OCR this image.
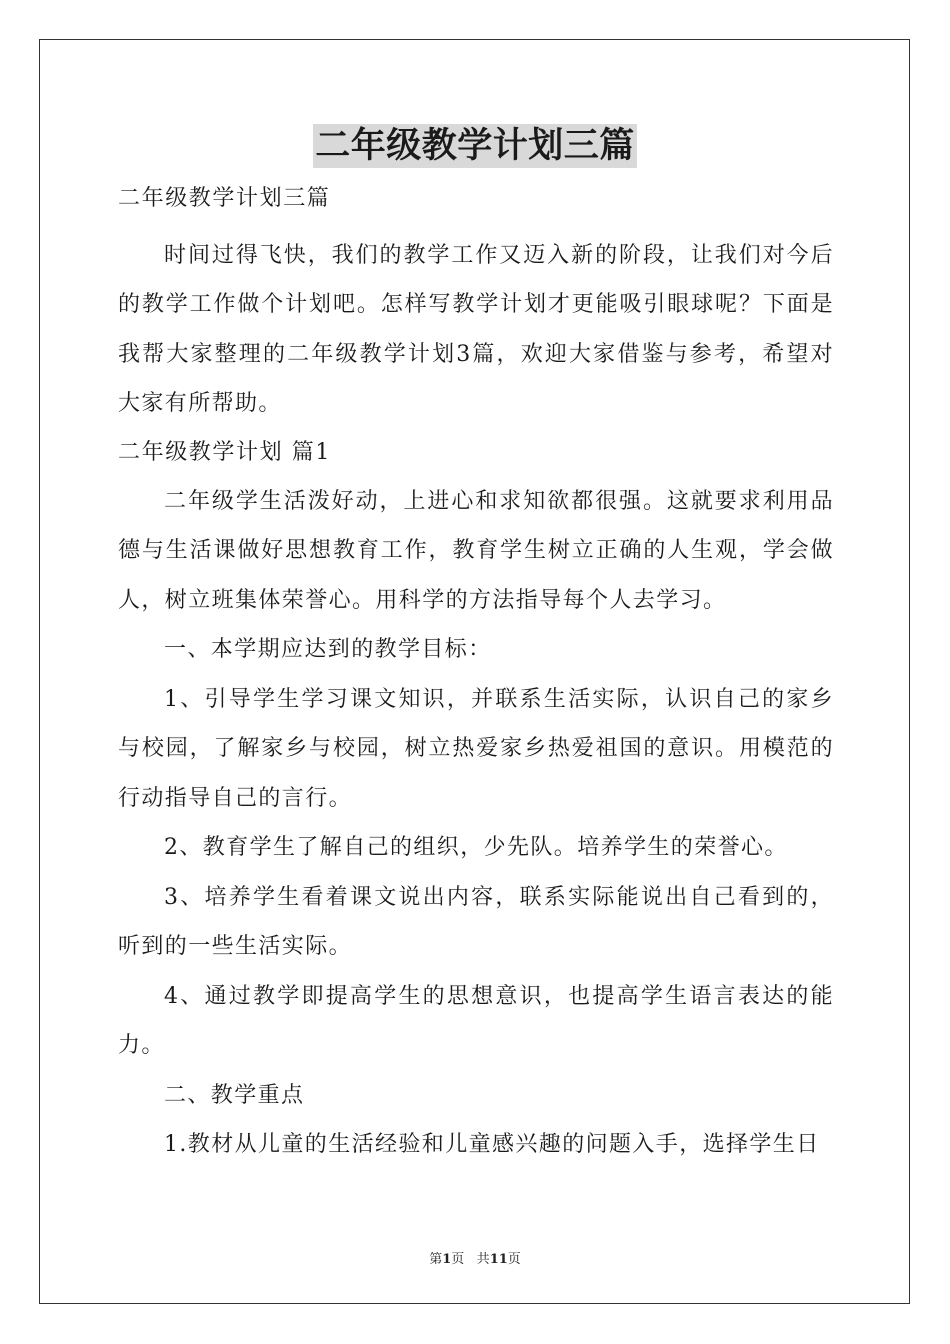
二年级教学计划三篇
二年级教学计划三篇
时间过得飞快，我们的教学工作又迈入新的阶段，让我们对今后的教学工作做个计划吧。怎样写教学计划才更能吸引眼球呢？下面是我帮大家整理的二年级教学计划3篇，欢迎大家借鉴与参考，希望对大家有所帮助。
二年级教学计划 篇1
二年级学生活泼好动，上进心和求知欲都很强。这就要求利用品德与生活课做好思想教育工作，教育学生树立正确的人生观，学会做人，树立班集体荣誉心。用科学的方法指导每个人去学习。
一、本学期应达到的教学目标：
1、引导学生学习课文知识，并联系生活实际，认识自己的家乡与校园，了解家乡与校园，树立热爱家乡热爱祖国的意识。用模范的行动指导自己的言行。
2、教育学生了解自己的组织，少先队。培养学生的荣誉心。
3、培养学生看着课文说出内容，联系实际能说出自己看到的，听到的一些生活实际。
4、通过教学即提高学生的思想意识，也提高学生语言表达的能力。
二、教学重点
1.教材从儿童的生活经验和儿童感兴趣的问题入手，选择学生日
第1页 共11页
